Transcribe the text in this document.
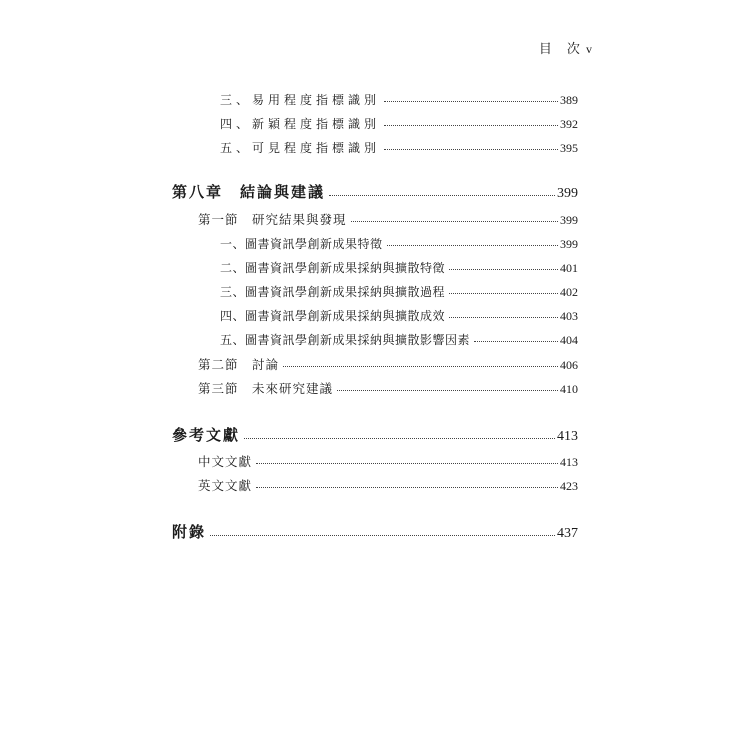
目　次 v
三、易用程度指標識別	389
四、新穎程度指標識別	392
五、可見程度指標識別	395
第八章　結論與建議	399
第一節　研究結果與發現	399
一、圖書資訊學創新成果特徵	399
二、圖書資訊學創新成果採納與擴散特徵	401
三、圖書資訊學創新成果採納與擴散過程	402
四、圖書資訊學創新成果採納與擴散成效	403
五、圖書資訊學創新成果採納與擴散影響因素	404
第二節　討論	406
第三節　未來研究建議	410
參考文獻	413
中文文獻	413
英文文獻	423
附錄	437
